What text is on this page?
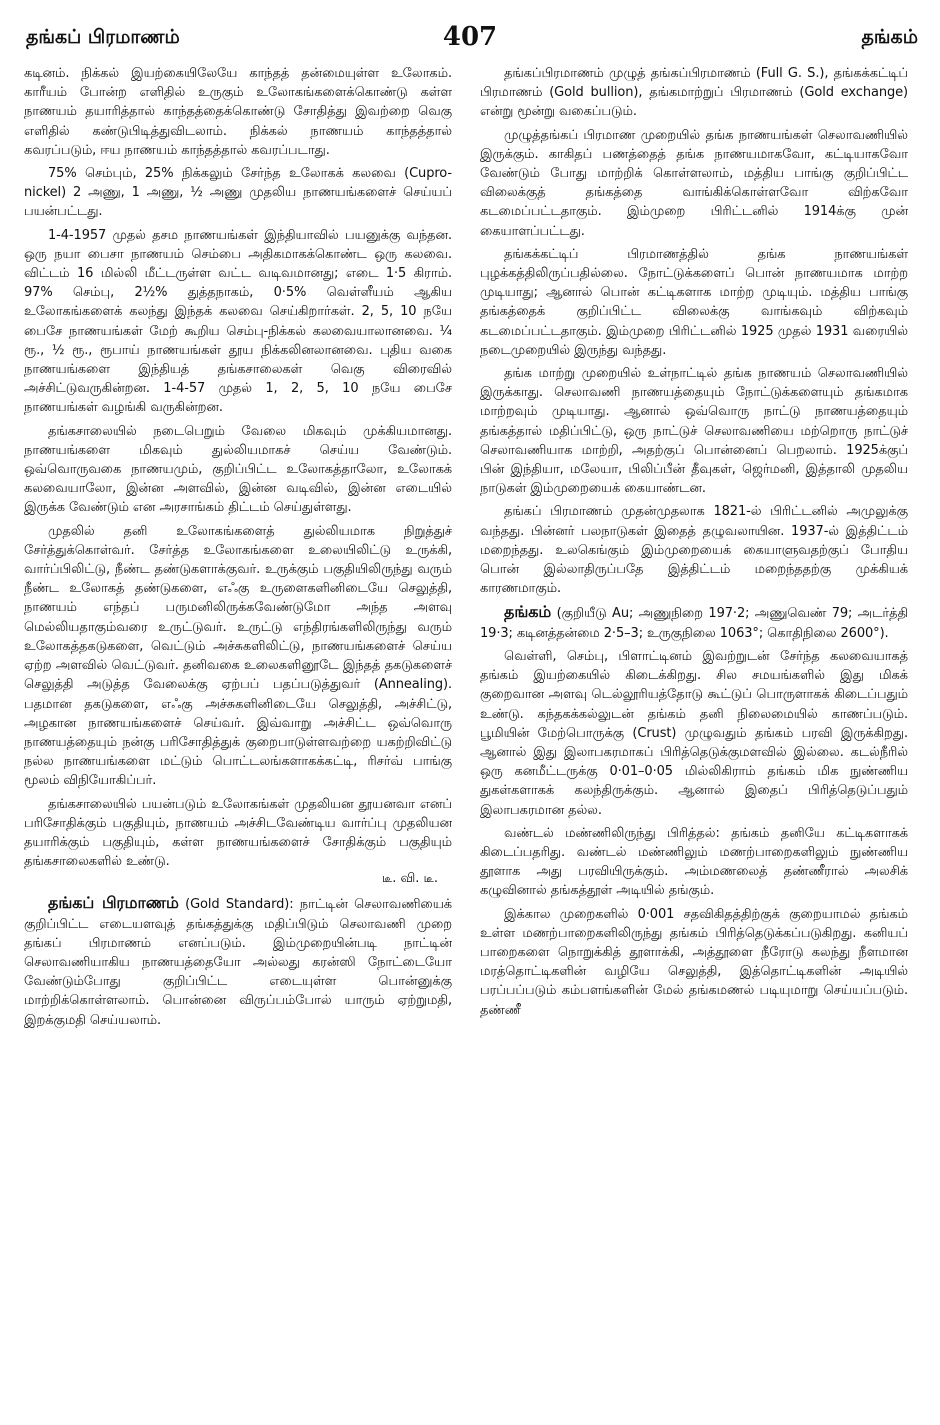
தங்கப் பிரமாணம்	407	தங்கம்

கடினம். நிக்கல் இயற்கையிலேயே காந்தத் தன்மையுள்ள உலோகம். காரீயம் போன்ற எளிதில் உருகும் உலோகங்களைக்கொண்டு கள்ள நாணயம் தயாரித்தால் காந்தத்தைக்கொண்டு சோதித்து இவற்றை வெகு எளிதில் கண்டுபிடித்துவிடலாம். நிக்கல் நாணயம் காந்தத்தால் கவரப்படும், ஈய நாணயம் காந்தத்தால் கவரப்படாது.

75% செம்பும், 25% நிக்கலும் சேர்ந்த உலோகக் கலவை (Cupro-nickel) 2 அணு, 1 அணு, ½ அணு முதலிய நாணயங்களைச் செய்யப் பயன்பட்டது.

1-4-1957 முதல் தசம நாணயங்கள் இந்தியாவில் பயனுக்கு வந்தன. ஒரு நயா பைசா நாணயம் செம்பை அதிகமாகக்கொண்ட ஒரு கலவை. விட்டம் 16 மில்லி மீட்டருள்ள வட்ட வடிவமானது; எடை 1·5 கிராம். 97% செம்பு, 2½% துத்தநாகம், 0·5% வெள்ளீயம் ஆகிய உலோகங்களைக் கலந்து இந்தக் கலவை செய்கிறார்கள். 2, 5, 10 நயே பைசே நாணயங்கள் மேற் கூறிய செம்பு-நிக்கல் கலவையாலானவை. ¼ ரூ., ½ ரூ., ரூபாய் நாணயங்கள் தூய நிக்கலினலானவை. புதிய வகை நாணயங்களை இந்தியத் தங்கசாலைகள் வெகு விரைவில் அச்சிட்டுவருகின்றன. 1-4-57 முதல் 1, 2, 5, 10 நயே பைசே நாணயங்கள் வழங்கி வருகின்றன.

தங்கசாலையில் நடைபெறும் வேலை மிகவும் முக்கியமானது. நாணயங்களை மிகவும் துல்லியமாகச் செய்ய வேண்டும். ஒவ்வொருவகை நாணயமும், குறிப்பிட்ட உலோகத்தாலோ, உலோகக் கலவையாலோ, இன்ன அளவில், இன்ன வடிவில், இன்ன எடையில் இருக்க வேண்டும் என அரசாங்கம் திட்டம் செய்துள்ளது.

முதலில் தனி உலோகங்களைத் துல்லியமாக நிறுத்துச் சேர்த்துக்கொள்வர். சேர்த்த உலோகங்களை உலையிலிட்டு உருக்கி, வார்ப்பிலிட்டு, நீண்ட தண்டுகளாக்குவர். உருக்கும் பகுதியிலிருந்து வரும் நீண்ட உலோகத் தண்டுகளை, எஃகு உருளைகளினிடையே செலுத்தி, நாணயம் எந்தப் பருமனிலிருக்கவேண்டுமோ அந்த அளவு மெல்லியதாகும்வரை உருட்டுவர். உருட்டு எந்திரங்களிலிருந்து வரும் உலோகத்தகடுகளை, வெட்டும் அச்சுகளிலிட்டு, நாணயங்களைச் செய்ய ஏற்ற அளவில் வெட்டுவர். தனிவகை உலைகளினூடே இந்தத் தகடுகளைச் செலுத்தி அடுத்த வேலைக்கு ஏற்பப் பதப்படுத்துவர் (Annealing). பதமான தகடுகளை, எஃகு அச்சுகளினிடையே செலுத்தி, அச்சிட்டு, அழகான நாணயங்களைச் செய்வர். இவ்வாறு அச்சிட்ட ஒவ்வொரு நாணயத்தையும் நன்கு பரிசோதித்துக் குறைபாடுள்ளவற்றை யகற்றிவிட்டு நல்ல நாணயங்களை மட்டும் பொட்டலங்களாகக்கட்டி, ரிசர்வ் பாங்கு மூலம் விநியோகிப்பர்.

தங்கசாலையில் பயன்படும் உலோகங்கள் முதலியன தூயனவா எனப் பரிசோதிக்கும் பகுதியும், நாணயம் அச்சிடவேண்டிய வார்ப்பு முதலியன தயாரிக்கும் பகுதியும், கள்ள நாணயங்களைச் சோதிக்கும் பகுதியும் தங்கசாலைகளில் உண்டு.

டீ. வி. டீ.

தங்கப் பிரமாணம் (Gold Standard): நாட்டின் செலாவணியைக் குறிப்பிட்ட எடையளவுத் தங்கத்துக்கு மதிப்பிடும் செலாவணி முறை தங்கப் பிரமாணம் எனப்படும். இம்முறையின்படி நாட்டின் செலாவணியாகிய நாணயத்தையோ அல்லது கரன்ஸி நோட்டையோ வேண்டும்போது குறிப்பிட்ட எடையுள்ள பொன்னுக்கு மாற்றிக்கொள்ளலாம். பொன்னை விருப்பம்போல் யாரும் ஏற்றுமதி, இறக்குமதி செய்யலாம்.

தங்கப்பிரமாணம் முழுத் தங்கப்பிரமாணம் (Full G. S.), தங்கக்கட்டிப் பிரமாணம் (Gold bullion), தங்கமாற்றுப் பிரமாணம் (Gold exchange) என்று மூன்று வகைப்படும்.

முழுத்தங்கப் பிரமாண முறையில் தங்க நாணயங்கள் செலாவணியில் இருக்கும். காகிதப் பணத்தைத் தங்க நாணயமாகவோ, கட்டியாகவோ வேண்டும் போது மாற்றிக் கொள்ளலாம், மத்திய பாங்கு குறிப்பிட்ட விலைக்குத் தங்கத்தை வாங்கிக்கொள்ளவோ விற்கவோ கடமைப்பட்டதாகும். இம்முறை பிரிட்டனில் 1914க்கு முன் கையாளப்பட்டது.

தங்கக்கட்டிப் பிரமாணத்தில் தங்க நாணயங்கள் புழக்கத்திலிருப்பதில்லை. நோட்டுக்களைப் பொன் நாணயமாக மாற்ற முடியாது; ஆனால் பொன் கட்டிகளாக மாற்ற முடியும். மத்திய பாங்கு தங்கத்தைக் குறிப்பிட்ட விலைக்கு வாங்கவும் விற்கவும் கடமைப்பட்டதாகும். இம்முறை பிரிட்டனில் 1925 முதல் 1931 வரையில் நடைமுறையில் இருந்து வந்தது.

தங்க மாற்று முறையில் உள்நாட்டில் தங்க நாணயம் செலாவணியில் இருக்காது. செலாவணி நாணயத்தையும் நோட்டுக்களையும் தங்கமாக மாற்றவும் முடியாது. ஆனால் ஒவ்வொரு நாட்டு நாணயத்தையும் தங்கத்தால் மதிப்பிட்டு, ஒரு நாட்டுச் செலாவணியை மற்றொரு நாட்டுச் செலாவணியாக மாற்றி, அதற்குப் பொன்னைப் பெறலாம். 1925க்குப் பின் இந்தியா, மலேயா, பிலிப்பீன் தீவுகள், ஜெர்மனி, இத்தாலி முதலிய நாடுகள் இம்முறையைக் கையாண்டன.

தங்கப் பிரமாணம் முதன்முதலாக 1821-ல் பிரிட்டனில் அமுலுக்கு வந்தது. பின்னர் பலநாடுகள் இதைத் தழுவலாயின. 1937-ல் இத்திட்டம் மறைந்தது. உலகெங்கும் இம்முறையைக் கையாளுவதற்குப் போதிய பொன் இல்லாதிருப்பதே இத்திட்டம் மறைந்ததற்கு முக்கியக் காரணமாகும்.

தங்கம் (குறியீடு Au; அணுநிறை 197·2; அணுவெண் 79; அடர்த்தி 19·3; கடினத்தன்மை 2·5–3; உருகுநிலை 1063°; கொதிநிலை 2600°).

வெள்ளி, செம்பு, பிளாட்டினம் இவற்றுடன் சேர்ந்த கலவையாகத் தங்கம் இயற்கையில் கிடைக்கிறது. சில சமயங்களில் இது மிகக் குறைவான அளவு டெல்லூரியத்தோடு கூட்டுப் பொருளாகக் கிடைப்பதும் உண்டு. கந்தகக்கல்லுடன் தங்கம் தனி நிலைமையில் காணப்படும். பூமியின் மேற்பொருக்கு (Crust) முழுவதும் தங்கம் பரவி இருக்கிறது. ஆனால் இது இலாபகரமாகப் பிரித்தெடுக்குமளவில் இல்லை. கடல்நீரில் ஒரு கனமீட்டருக்கு 0·01–0·05 மில்லிகிராம் தங்கம் மிக நுண்ணிய துகள்களாகக் கலந்திருக்கும். ஆனால் இதைப் பிரித்தெடுப்பதும் இலாபகரமான தல்ல.

வண்டல் மண்ணிலிருந்து பிரித்தல்: தங்கம் தனியே கட்டிகளாகக் கிடைப்பதரிது. வண்டல் மண்ணிலும் மணற்பாறைகளிலும் நுண்ணிய தூளாக அது பரவியிருக்கும். அம்மணலைத் தண்ணீரால் அலசிக் கழுவினால் தங்கத்தூள் அடியில் தங்கும்.

இக்கால முறைகளில் 0·001 சதவிகிதத்திற்குக் குறையாமல் தங்கம் உள்ள மணற்பாறைகளிலிருந்து தங்கம் பிரித்தெடுக்கப்படுகிறது. கனியப் பாறைகளை நொறுக்கித் தூளாக்கி, அத்தூளை நீரோடு கலந்து நீளமான மரத்தொட்டிகளின் வழியே செலுத்தி, இத்தொட்டிகளின் அடியில் பரப்பப்படும் கம்பளங்களின் மேல் தங்கமணல் படியுமாறு செய்யப்படும். தண்ணீ
